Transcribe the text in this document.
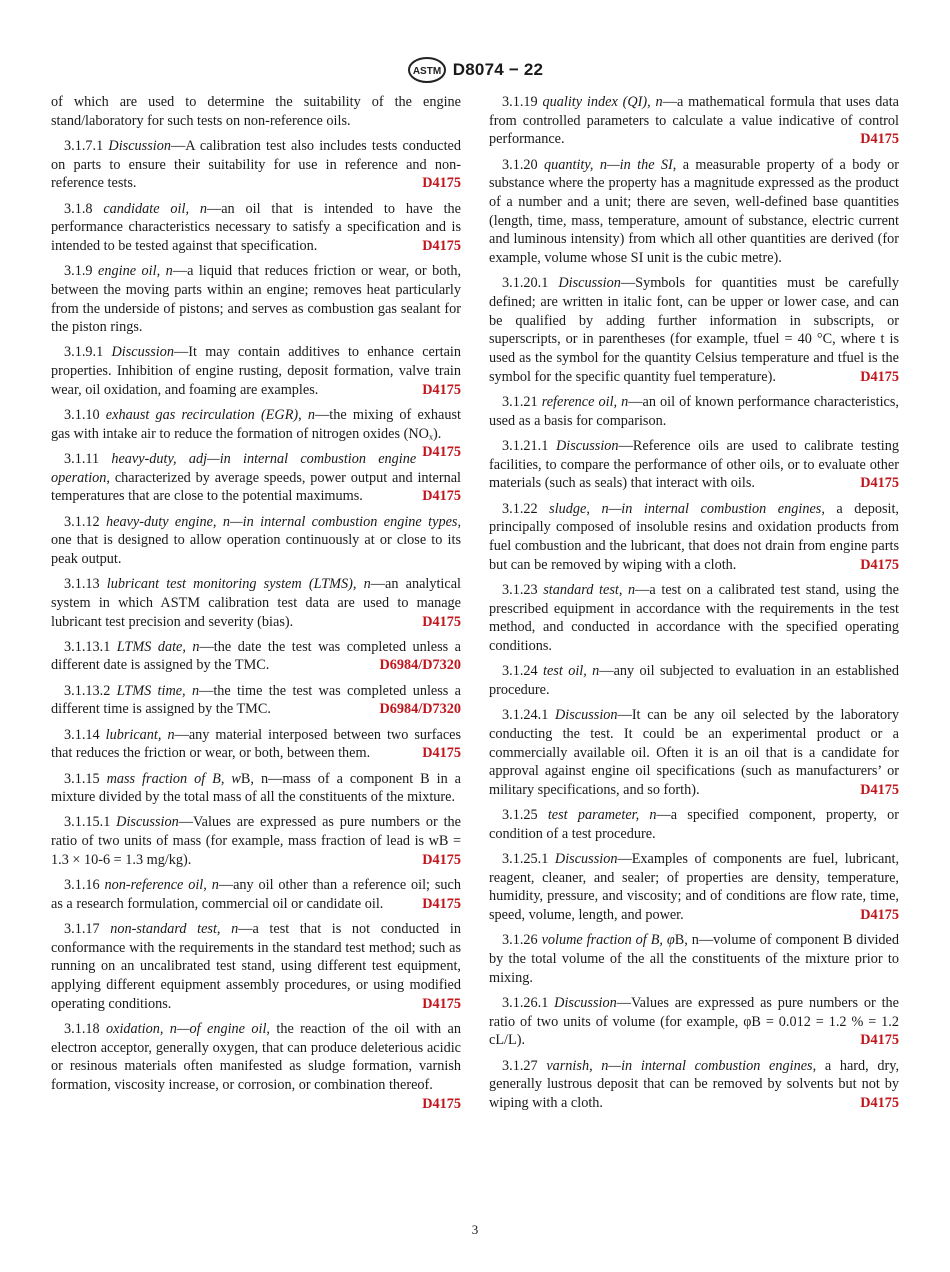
ASTM D8074 − 22

of which are used to determine the suitability of the engine stand/laboratory for such tests on non-reference oils.

3.1.7.1 Discussion—A calibration test also includes tests conducted on parts to ensure their suitability for use in reference and non-reference tests.	D4175

3.1.8 candidate oil, n—an oil that is intended to have the performance characteristics necessary to satisfy a specification and is intended to be tested against that specification.	D4175

3.1.9 engine oil, n—a liquid that reduces friction or wear, or both, between the moving parts within an engine; removes heat particularly from the underside of pistons; and serves as combustion gas sealant for the piston rings.

3.1.9.1 Discussion—It may contain additives to enhance certain properties. Inhibition of engine rusting, deposit formation, valve train wear, oil oxidation, and foaming are examples.	D4175

3.1.10 exhaust gas recirculation (EGR), n—the mixing of exhaust gas with intake air to reduce the formation of nitrogen oxides (NOₓ).
D4175

3.1.11 heavy-duty, adj—in internal combustion engine operation, characterized by average speeds, power output and internal temperatures that are close to the potential maximums.	D4175

3.1.12 heavy-duty engine, n—in internal combustion engine types, one that is designed to allow operation continuously at or close to its peak output.

3.1.13 lubricant test monitoring system (LTMS), n—an analytical system in which ASTM calibration test data are used to manage lubricant test precision and severity (bias).	D4175

3.1.13.1 LTMS date, n—the date the test was completed unless a different date is assigned by the TMC.	D6984/D7320

3.1.13.2 LTMS time, n—the time the test was completed unless a different time is assigned by the TMC.	D6984/D7320

3.1.14 lubricant, n—any material interposed between two surfaces that reduces the friction or wear, or both, between them.	D4175

3.1.15 mass fraction of B, wB, n—mass of a component B in a mixture divided by the total mass of all the constituents of the mixture.

3.1.15.1 Discussion—Values are expressed as pure numbers or the ratio of two units of mass (for example, mass fraction of lead is wB = 1.3 × 10-6 = 1.3 mg/kg).	D4175

3.1.16 non-reference oil, n—any oil other than a reference oil; such as a research formulation, commercial oil or candidate oil.	D4175

3.1.17 non-standard test, n—a test that is not conducted in conformance with the requirements in the standard test method; such as running on an uncalibrated test stand, using different test equipment, applying different equipment assembly procedures, or using modified operating conditions.	D4175

3.1.18 oxidation, n—of engine oil, the reaction of the oil with an electron acceptor, generally oxygen, that can produce deleterious acidic or resinous materials often manifested as sludge formation, varnish formation, viscosity increase, or corrosion, or combination thereof.
D4175

3.1.19 quality index (QI), n—a mathematical formula that uses data from controlled parameters to calculate a value indicative of control performance.	D4175

3.1.20 quantity, n—in the SI, a measurable property of a body or substance where the property has a magnitude expressed as the product of a number and a unit; there are seven, well-defined base quantities (length, time, mass, temperature, amount of substance, electric current and luminous intensity) from which all other quantities are derived (for example, volume whose SI unit is the cubic metre).

3.1.20.1 Discussion—Symbols for quantities must be carefully defined; are written in italic font, can be upper or lower case, and can be qualified by adding further information in subscripts, or superscripts, or in parentheses (for example, tfuel = 40 °C, where t is used as the symbol for the quantity Celsius temperature and tfuel is the symbol for the specific quantity fuel temperature).	D4175

3.1.21 reference oil, n—an oil of known performance characteristics, used as a basis for comparison.

3.1.21.1 Discussion—Reference oils are used to calibrate testing facilities, to compare the performance of other oils, or to evaluate other materials (such as seals) that interact with oils.	D4175

3.1.22 sludge, n—in internal combustion engines, a deposit, principally composed of insoluble resins and oxidation products from fuel combustion and the lubricant, that does not drain from engine parts but can be removed by wiping with a cloth.	D4175

3.1.23 standard test, n—a test on a calibrated test stand, using the prescribed equipment in accordance with the requirements in the test method, and conducted in accordance with the specified operating conditions.

3.1.24 test oil, n—any oil subjected to evaluation in an established procedure.

3.1.24.1 Discussion—It can be any oil selected by the laboratory conducting the test. It could be an experimental product or a commercially available oil. Often it is an oil that is a candidate for approval against engine oil specifications (such as manufacturers’ or military specifications, and so forth).	D4175

3.1.25 test parameter, n—a specified component, property, or condition of a test procedure.

3.1.25.1 Discussion—Examples of components are fuel, lubricant, reagent, cleaner, and sealer; of properties are density, temperature, humidity, pressure, and viscosity; and of conditions are flow rate, time, speed, volume, length, and power.	D4175

3.1.26 volume fraction of B, φB, n—volume of component B divided by the total volume of the all the constituents of the mixture prior to mixing.

3.1.26.1 Discussion—Values are expressed as pure numbers or the ratio of two units of volume (for example, φB = 0.012 = 1.2 % = 1.2 cL/L).	D4175

3.1.27 varnish, n—in internal combustion engines, a hard, dry, generally lustrous deposit that can be removed by solvents but not by wiping with a cloth.	D4175

3
